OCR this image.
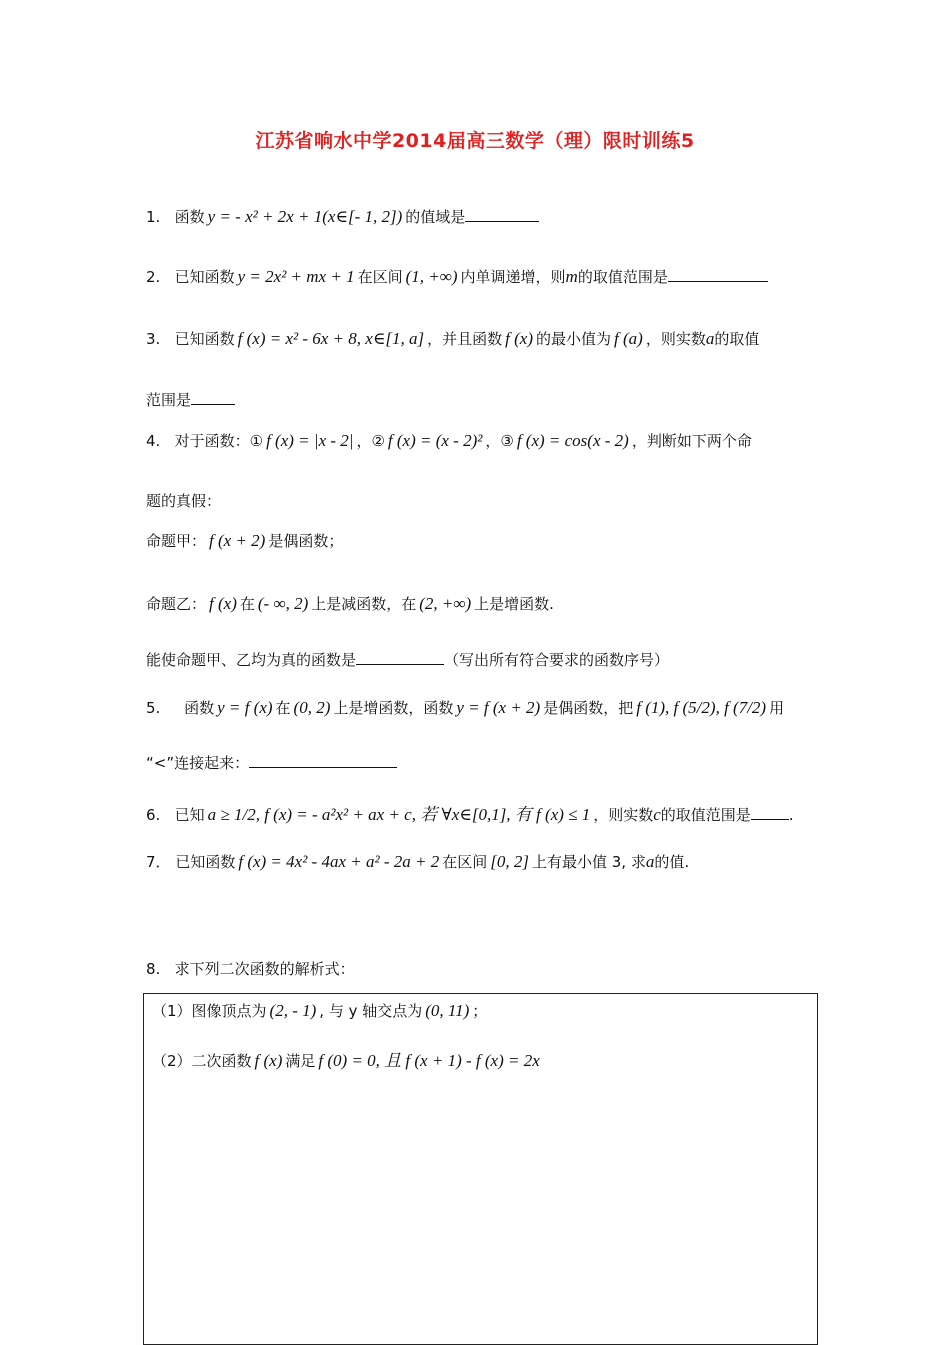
江苏省响水中学2014届高三数学（理）限时训练5
1. 函数 y = - x² + 2x + 1(x∈[- 1, 2]) 的值域是
2. 已知函数 y = 2x² + mx + 1 在区间 (1, +∞) 内单调递增，则m的取值范围是
3. 已知函数 f (x) = x² - 6x + 8, x∈[1, a] ，并且函数 f (x) 的最小值为 f (a) ，则实数a的取值
范围是
4. 对于函数：① f (x) = |x - 2| ，② f (x) = (x - 2)² ，③ f (x) = cos(x - 2) ，判断如下两个命
题的真假：
命题甲： f (x + 2) 是偶函数；
命题乙： f (x) 在 (- ∞, 2) 上是减函数，在 (2, +∞) 上是增函数.
能使命题甲、乙均为真的函数是	（写出所有符合要求的函数序号）
5. 函数 y = f (x) 在 (0, 2) 上是增函数，函数 y = f (x + 2) 是偶函数，把 f (1), f (5/2), f (7/2) 用
“<”连接起来：
6. 已知 a ≥ 1/2, f (x) = - a²x² + ax + c, 若 ∀x∈[0,1], 有 f (x) ≤ 1 ，则实数c的取值范围是	.
7． 已知函数 f (x) = 4x² - 4ax + a² - 2a + 2 在区间 [0, 2] 上有最小值 3, 求a的值.
8. 求下列二次函数的解析式：
（1）图像顶点为 (2, - 1) , 与 y 轴交点为 (0, 11) ；
（2）二次函数 f (x) 满足 f (0) = 0, 且 f (x + 1) - f (x) = 2x
